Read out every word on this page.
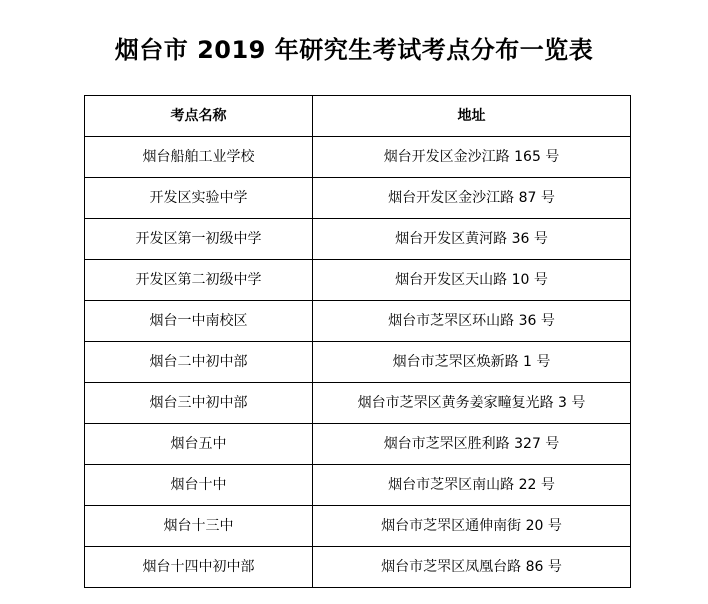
烟台市 2019 年研究生考试考点分布一览表
考点名称	地址
烟台船舶工业学校	烟台开发区金沙江路 165 号
开发区实验中学	烟台开发区金沙江路 87 号
开发区第一初级中学	烟台开发区黄河路 36 号
开发区第二初级中学	烟台开发区天山路 10 号
烟台一中南校区	烟台市芝罘区环山路 36 号
烟台二中初中部	烟台市芝罘区焕新路 1 号
烟台三中初中部	烟台市芝罘区黄务姜家疃复光路 3 号
烟台五中	烟台市芝罘区胜利路 327 号
烟台十中	烟台市芝罘区南山路 22 号
烟台十三中	烟台市芝罘区通伸南街 20 号
烟台十四中初中部	烟台市芝罘区凤凰台路 86 号
